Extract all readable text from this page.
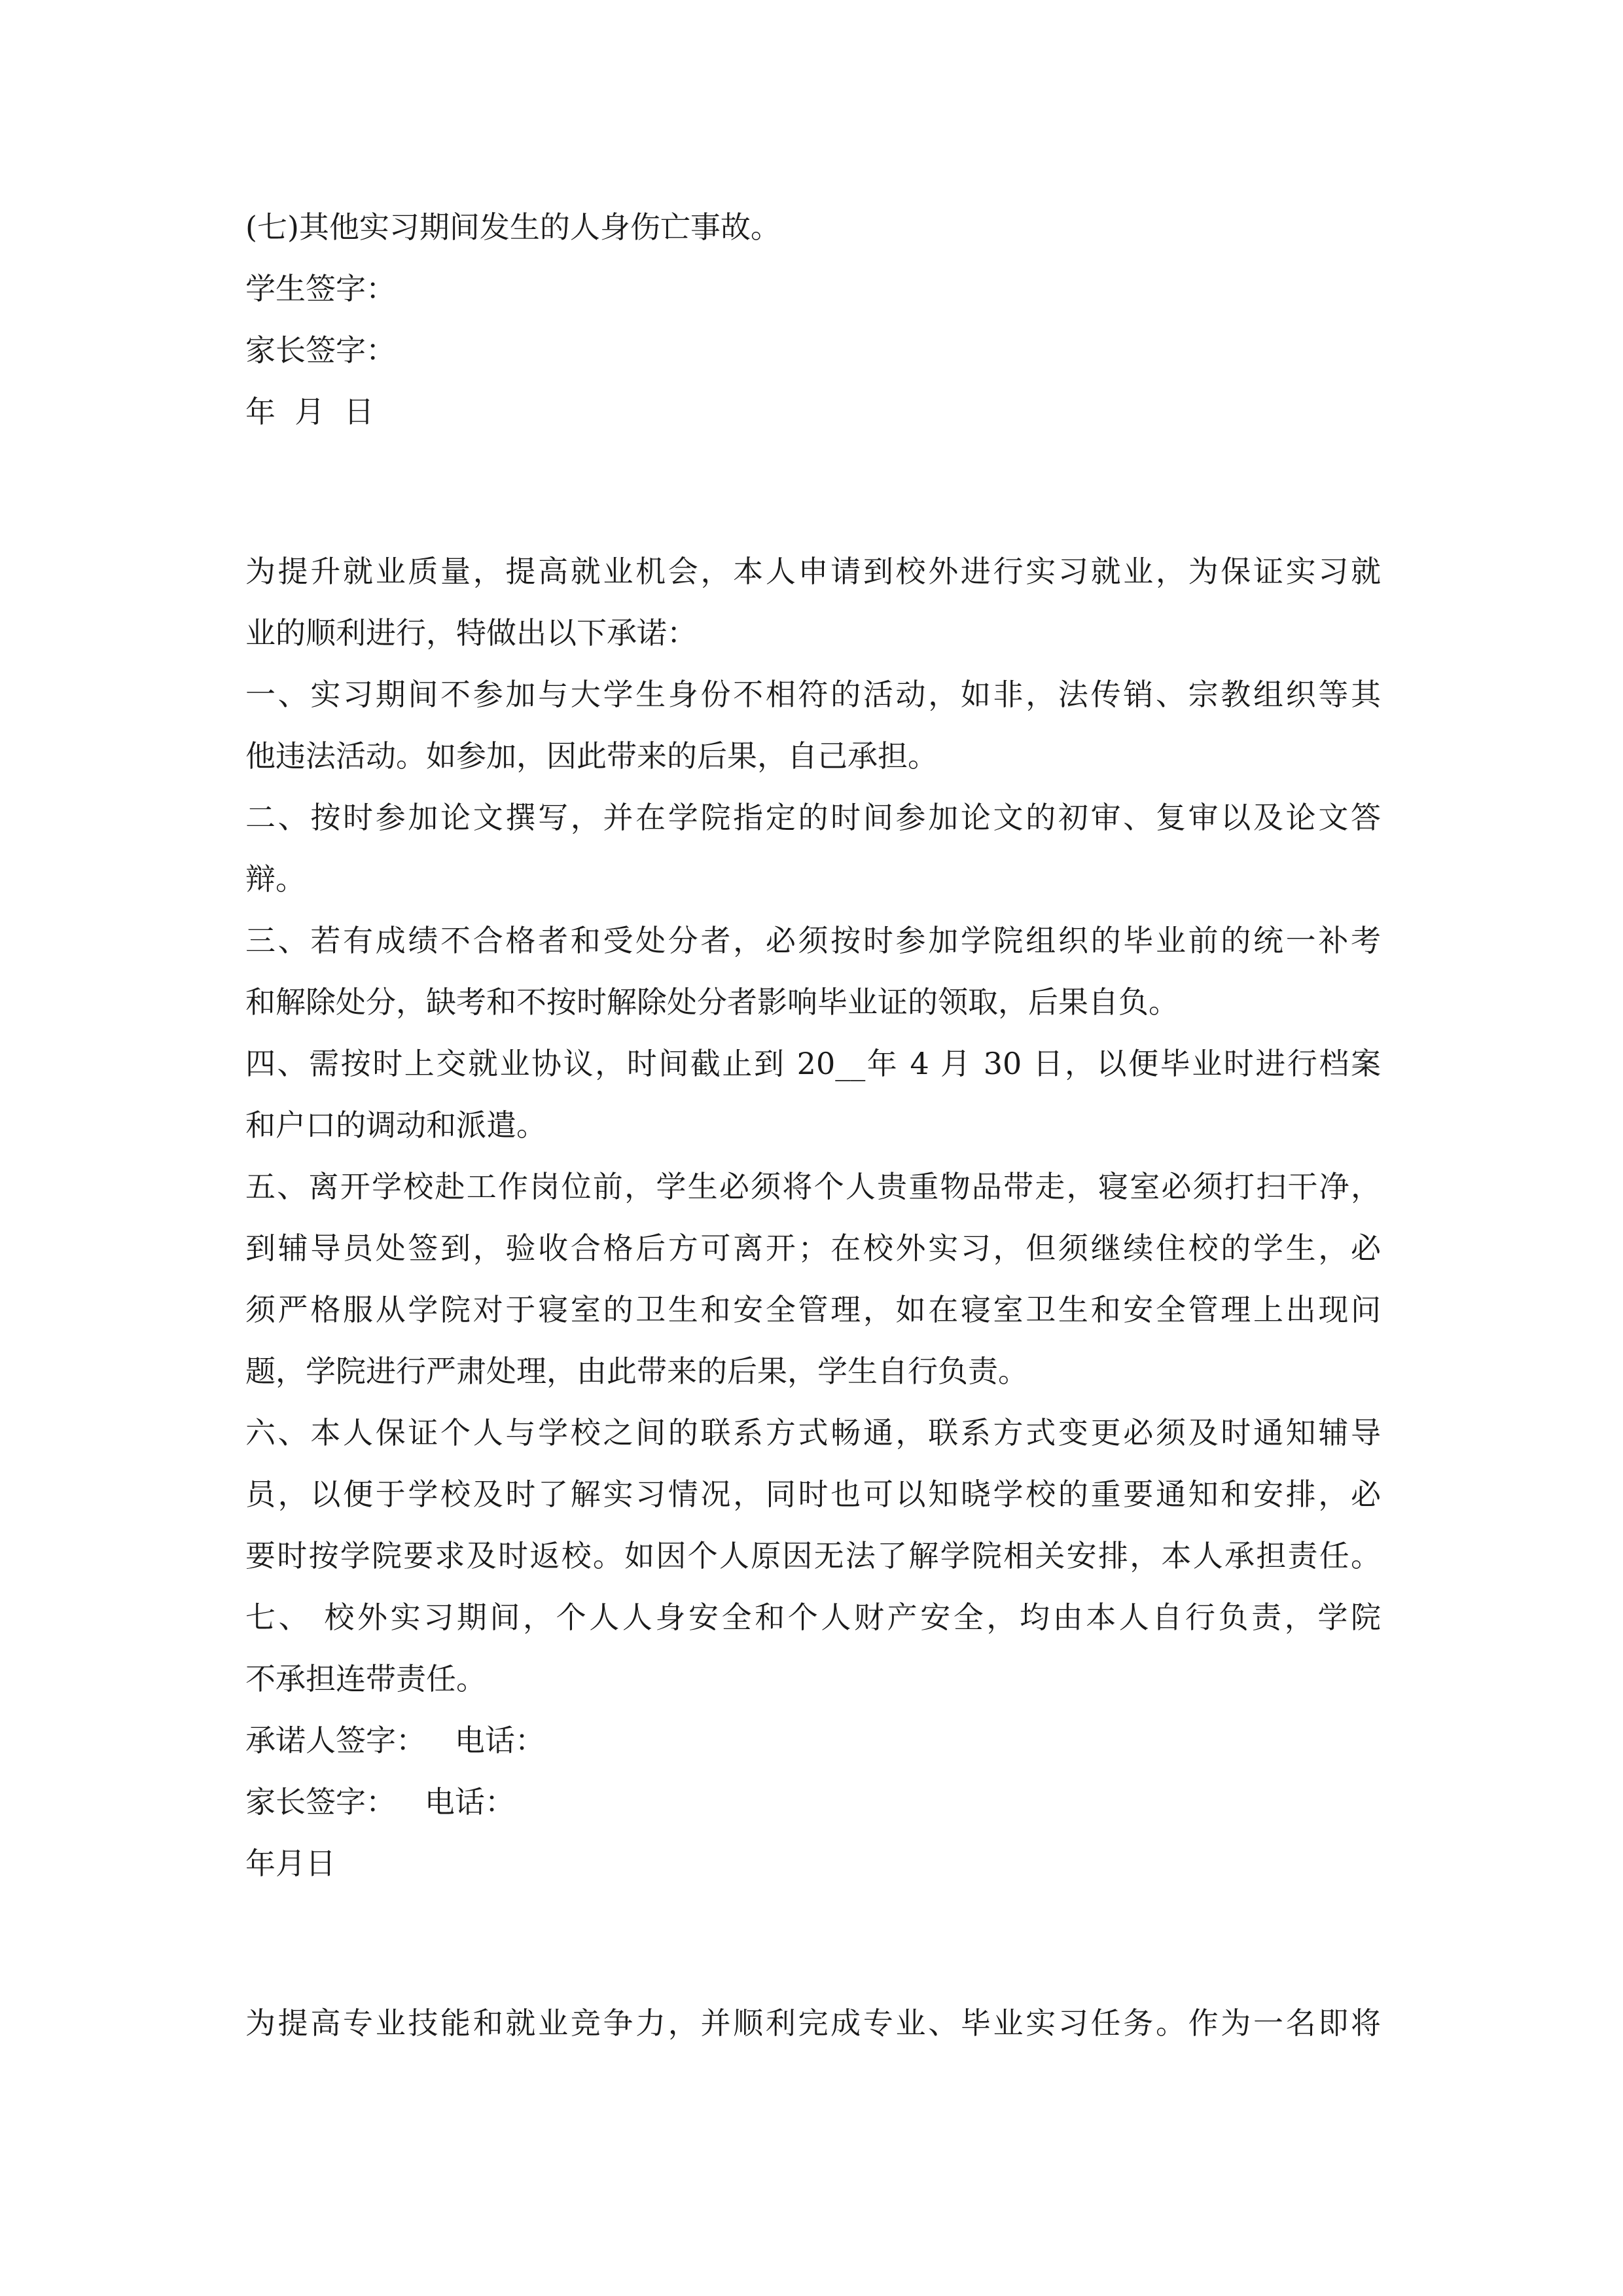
(七)其他实习期间发生的人身伤亡事故。
学生签字：
家长签字：
年  月  日
为提升就业质量，提高就业机会，本人申请到校外进行实习就业，为保证实习就
业的顺利进行，特做出以下承诺：
一、实习期间不参加与大学生身份不相符的活动，如非，法传销、宗教组织等其
他违法活动。如参加，因此带来的后果，自己承担。
二、按时参加论文撰写，并在学院指定的时间参加论文的初审、复审以及论文答
辩。
三、若有成绩不合格者和受处分者，必须按时参加学院组织的毕业前的统一补考
和解除处分，缺考和不按时解除处分者影响毕业证的领取，后果自负。
四、需按时上交就业协议，时间截止到 20__年 4 月 30 日，以便毕业时进行档案
和户口的调动和派遣。
五、离开学校赴工作岗位前，学生必须将个人贵重物品带走，寝室必须打扫干净，
到辅导员处签到，验收合格后方可离开；在校外实习，但须继续住校的学生，必
须严格服从学院对于寝室的卫生和安全管理，如在寝室卫生和安全管理上出现问
题，学院进行严肃处理，由此带来的后果，学生自行负责。
六、本人保证个人与学校之间的联系方式畅通，联系方式变更必须及时通知辅导
员，以便于学校及时了解实习情况，同时也可以知晓学校的重要通知和安排，必
要时按学院要求及时返校。如因个人原因无法了解学院相关安排，本人承担责任。
七、 校外实习期间，个人人身安全和个人财产安全，均由本人自行负责，学院
不承担连带责任。
承诺人签字：   电话：
家长签字：   电话：
年月日
为提高专业技能和就业竞争力，并顺利完成专业、毕业实习任务。作为一名即将
